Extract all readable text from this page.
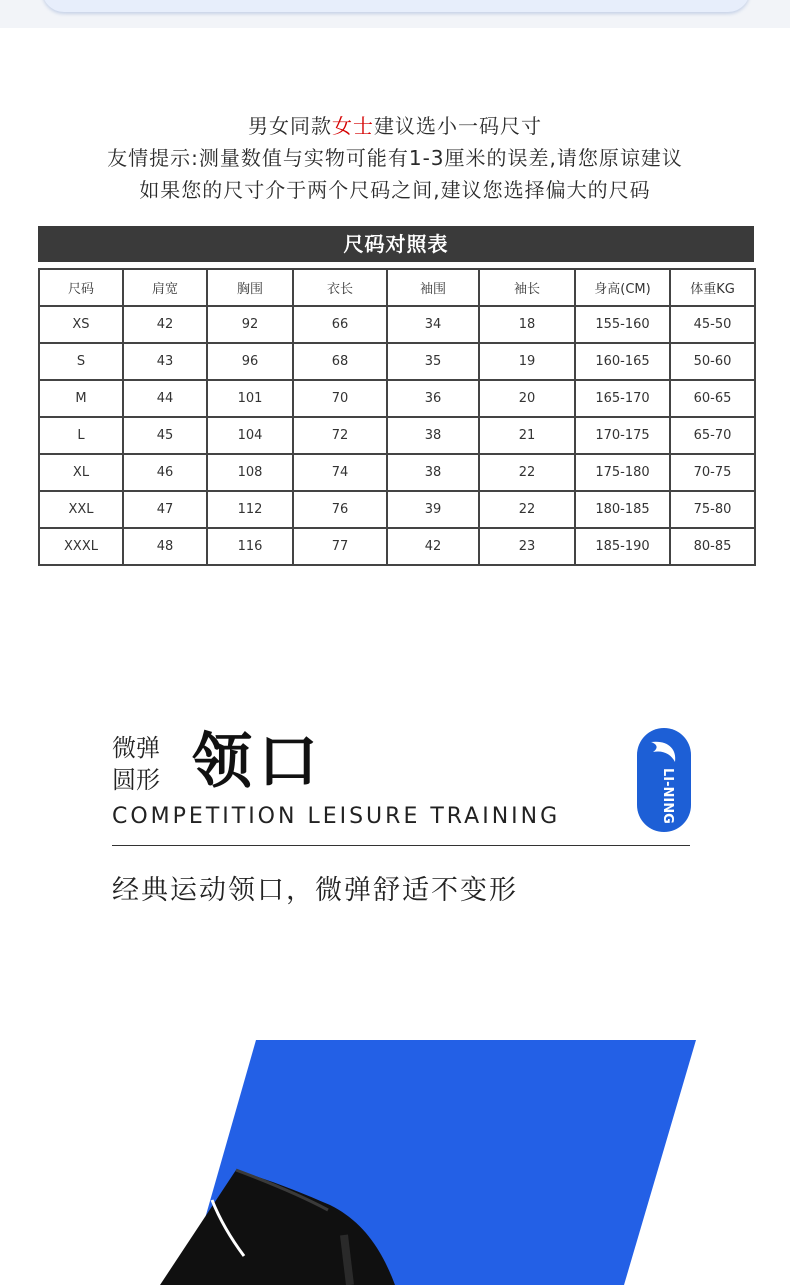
男女同款女士建议选小一码尺寸
友情提示:测量数值与实物可能有1-3厘米的误差,请您原谅建议
如果您的尺寸介于两个尺码之间,建议您选择偏大的尺码
尺码对照表
尺码	肩宽	胸围	衣长	袖围	袖长	身高(CM)	体重KG
XS	42	92	66	34	18	155-160	45-50
S	43	96	68	35	19	160-165	50-60
M	44	101	70	36	20	165-170	60-65
L	45	104	72	38	21	170-175	65-70
XL	46	108	74	38	22	175-180	70-75
XXL	47	112	76	39	22	180-185	75-80
XXXL	48	116	77	42	23	185-190	80-85
微弹
圆形 领口
COMPETITION LEISURE TRAINING	LI-NING
经典运动领口，微弹舒适不变形
